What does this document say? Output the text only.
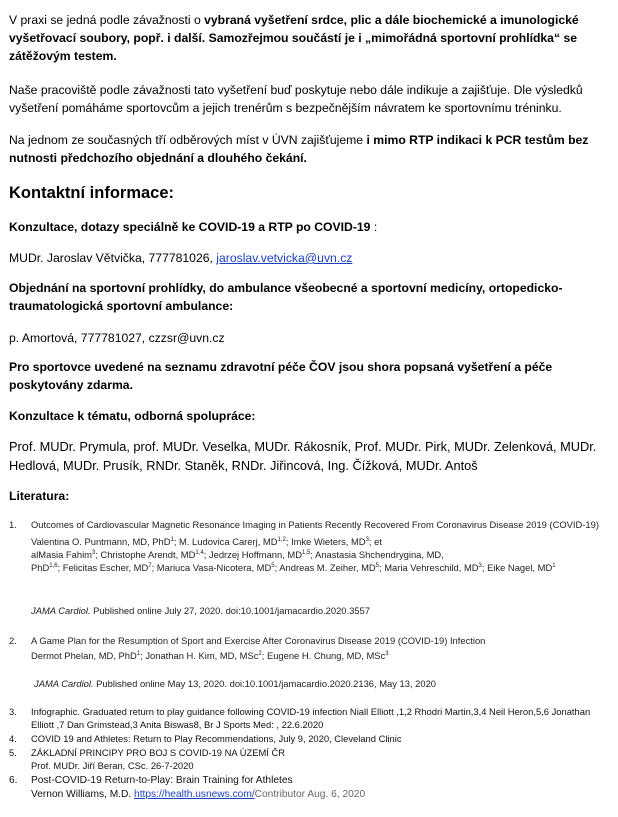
V praxi se jedná podle závažnosti o vybraná vyšetření srdce, plic a dále biochemické a imunologické vyšetřovací soubory, popř. i další. Samozřejmou součástí je i „mimořádná sportovní prohlídka“ se zátěžovým testem.
Naše pracoviště podle závažnosti tato vyšetření buď poskytuje nebo dále indikuje a zajišťuje. Dle výsledků vyšetření pomáháme sportovcům a jejich trenérům s bezpečnějším návratem ke sportovnímu tréninku.
Na jednom ze současných tří odběrových míst v ÚVN zajišťujeme i mimo RTP indikaci k PCR testům bez nutnosti předchozího objednání a dlouhého čekání.
Kontaktní informace:
Konzultace, dotazy speciálně ke COVID-19 a RTP po COVID-19 :
MUDr. Jaroslav Větvička, 777781026, jaroslav.vetvicka@uvn.cz
Objednání na sportovní prohlídky, do ambulance všeobecné a sportovní medicíny, ortopedicko-traumatologická sportovní ambulance:
p. Amortová, 777781027, czzsr@uvn.cz
Pro sportovce uvedené na seznamu zdravotní péče ČOV jsou shora popsaná vyšetření a péče poskytovány zdarma.
Konzultace k tématu, odborná spolupráce:
Prof. MUDr. Prymula, prof. MUDr. Veselka, MUDr. Rákosník, Prof. MUDr. Pirk, MUDr. Zelenková, MUDr. Hedlová, MUDr. Prusík, RNDr. Staněk, RNDr. Jiřincová, Ing. Čížková, MUDr. Antoš
Literatura:
1. Outcomes of Cardiovascular Magnetic Resonance Imaging in Patients Recently Recovered From Coronavirus Disease 2019 (COVID-19)
Valentina O. Puntmann, MD, PhD$^1$; M. Ludovica Carerj, MD$^{1,2}$; Imke Wieters, $MD^3$; et
alMasia Fahim$^3$; Christophe Arendt, MD$^{1,4}$; Jedrzej Hoffmann, MD$^{1,5}$; Anastasia Shchendrygina, MD,
PhD$^{1,6}$; Felicitas Escher, $MD^7$; Mariuca Vasa-Nicotera, $MD^5$; Andreas M. Zeiher, $MD^5$; Maria Vehreschild, $MD^3$; Eike Nagel, $MD^1$
JAMA Cardiol. Published online July 27, 2020. doi:10.1001/jamacardio.2020.3557
2. A Game Plan for the Resumption of Sport and Exercise After Coronavirus Disease 2019 (COVID-19) Infection
Dermot Phelan, MD, PhD$^1$; Jonathan H. Kim, MD, MSc$^2$; Eugene H. Chung, MD, MSc$^3$
JAMA Cardiol. Published online May 13, 2020. doi:10.1001/jamacardio.2020.2136, May 13, 2020
3. Infographic. Graduated return to play guidance following COVID-19 infection Niall Elliott ,1,2 Rhodri Martin,3,4 Neil Heron,5,6 Jonathan Elliott ,7 Dan Grimstead,3 Anita Biswas8, Br J Sports Med: , 22.6.2020
4. COVID 19 and Athletes: Return to Play Recommendations, July 9, 2020, Cleveland Clinic
5. ZÁKLADNÍ PRINCIPY PRO BOJ S COVID-19 NA ÚZEMÍ ČR
Prof. MUDr. Jiří Beran, CSc. 26-7-2020
6. Post-COVID-19 Return-to-Play: Brain Training for Athletes
Vernon Williams, M.D. https://health.usnews.com/Contributor Aug. 6, 2020
